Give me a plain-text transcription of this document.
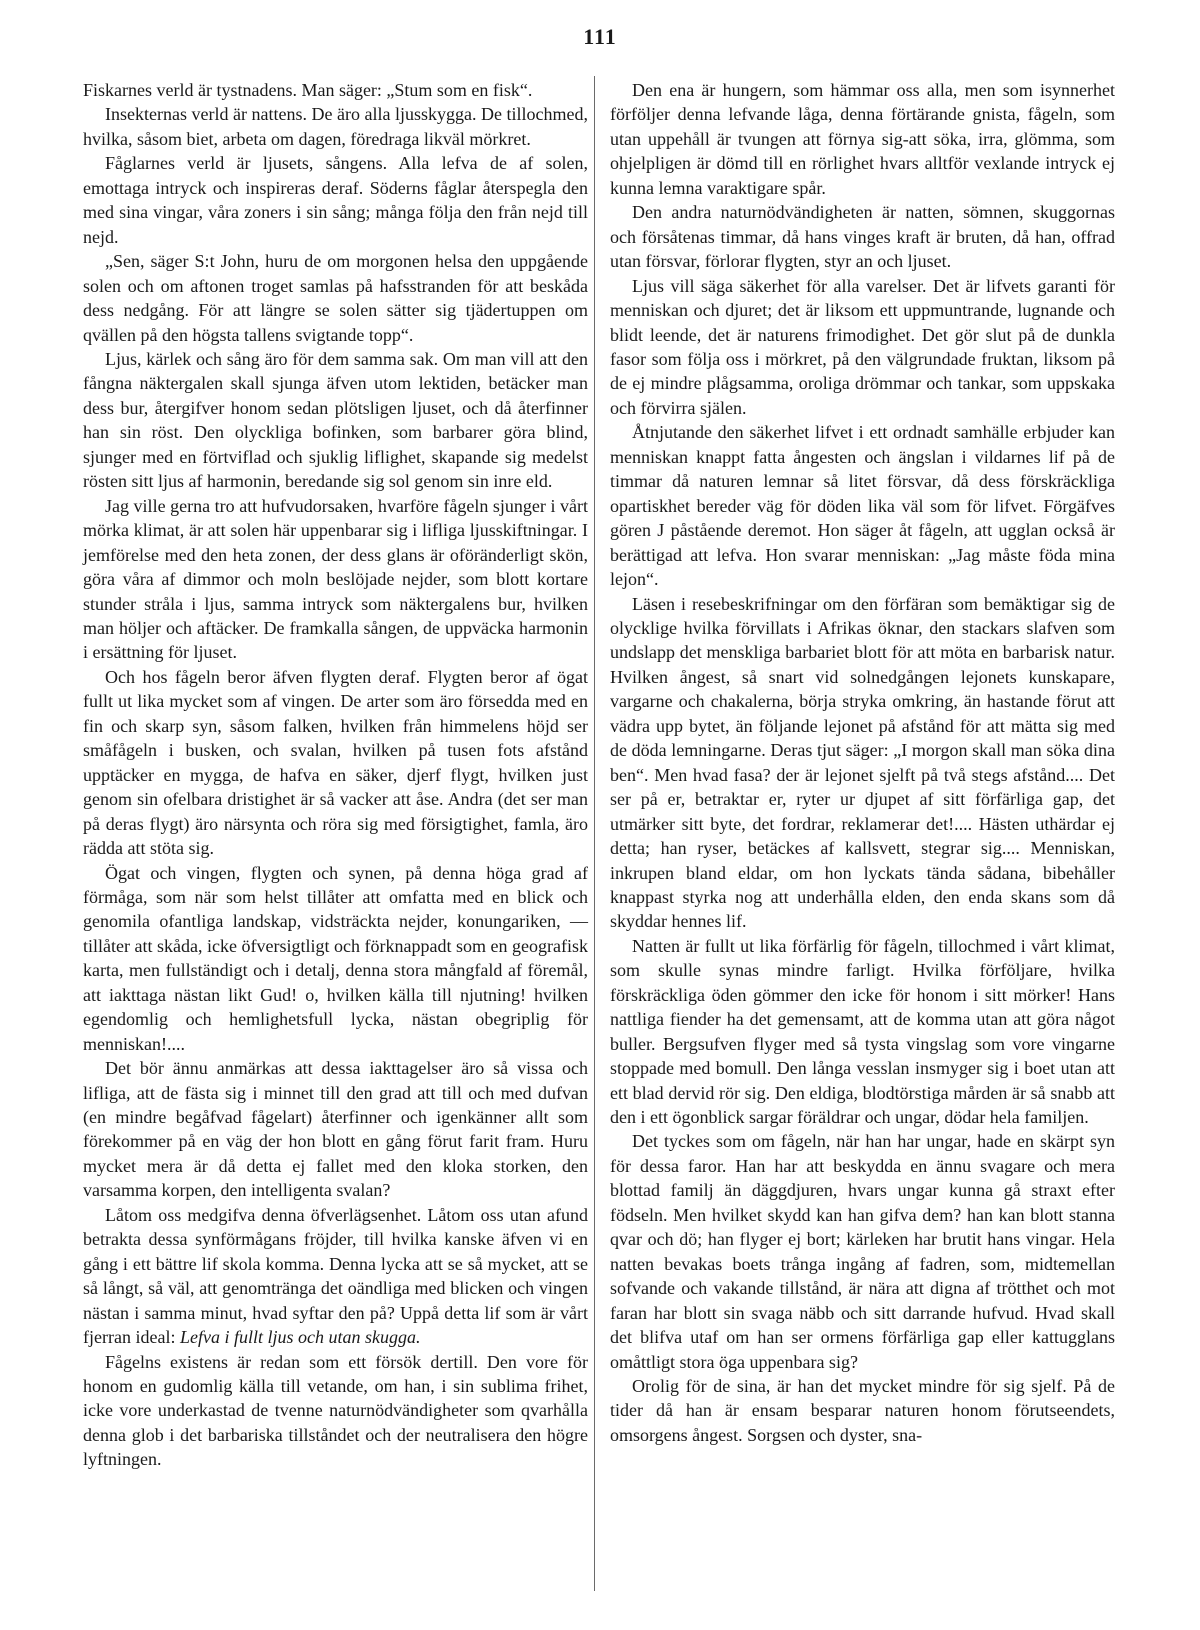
111

Fiskarnes verld är tystnadens. Man säger: „Stum som en fisk“.

Insekternas verld är nattens. De äro alla ljusskygga. De tillochmed, hvilka, såsom biet, arbeta om dagen, föredraga likväl mörkret.

Fåglarnes verld är ljusets, sångens. Alla lefva de af solen, emottaga intryck och inspireras deraf. Söderns fåglar återspegla den med sina vingar, våra zoners i sin sång; många följa den från nejd till nejd.

„Sen, säger S:t John, huru de om morgonen helsa den uppgående solen och om aftonen troget samlas på hafsstranden för att beskåda dess nedgång. För att längre se solen sätter sig tjädertuppen om qvällen på den högsta tallens svigtande topp“.

Ljus, kärlek och sång äro för dem samma sak. Om man vill att den fångna näktergalen skall sjunga äfven utom lektiden, betäcker man dess bur, återgifver honom sedan plötsligen ljuset, och då återfinner han sin röst. Den olyckliga bofinken, som barbarer göra blind, sjunger med en förtviflad och sjuklig liflighet, skapande sig medelst rösten sitt ljus af harmonin, beredande sig sol genom sin inre eld.

Jag ville gerna tro att hufvudorsaken, hvarföre fågeln sjunger i vårt mörka klimat, är att solen här uppenbarar sig i lifliga ljusskiftningar. I jemförelse med den heta zonen, der dess glans är oföränderligt skön, göra våra af dimmor och moln beslöjade nejder, som blott kortare stunder stråla i ljus, samma intryck som näktergalens bur, hvilken man höljer och aftäcker. De framkalla sången, de uppväcka harmonin i ersättning för ljuset.

Och hos fågeln beror äfven flygten deraf. Flygten beror af ögat fullt ut lika mycket som af vingen. De arter som äro försedda med en fin och skarp syn, såsom falken, hvilken från himmelens höjd ser småfågeln i busken, och svalan, hvilken på tusen fots afstånd upptäcker en mygga, de hafva en säker, djerf flygt, hvilken just genom sin ofelbara dristighet är så vacker att åse. Andra (det ser man på deras flygt) äro närsynta och röra sig med försigtighet, famla, äro rädda att stöta sig.

Ögat och vingen, flygten och synen, på denna höga grad af förmåga, som när som helst tillåter att omfatta med en blick och genomila ofantliga landskap, vidsträckta nejder, konungariken, — tillåter att skåda, icke öfversigtligt och förknappadt som en geografisk karta, men fullständigt och i detalj, denna stora mångfald af föremål, att iakttaga nästan likt Gud! o, hvilken källa till njutning! hvilken egendomlig och hemlighetsfull lycka, nästan obegriplig för menniskan!....

Det bör ännu anmärkas att dessa iakttagelser äro så vissa och lifliga, att de fästa sig i minnet till den grad att till och med dufvan (en mindre begåfvad fågelart) återfinner och igenkänner allt som förekommer på en väg der hon blott en gång förut farit fram. Huru mycket mera är då detta ej fallet med den kloka storken, den varsamma korpen, den intelligenta svalan?

Låtom oss medgifva denna öfverlägsenhet. Låtom oss utan afund betrakta dessa synförmågans fröjder, till hvilka kanske äfven vi en gång i ett bättre lif skola komma. Denna lycka att se så mycket, att se så långt, så väl, att genomtränga det oändliga med blicken och vingen nästan i samma minut, hvad syftar den på? Uppå detta lif som är vårt fjerran ideal: Lefva i fullt ljus och utan skugga.

Fågelns existens är redan som ett försök dertill. Den vore för honom en gudomlig källa till vetande, om han, i sin sublima frihet, icke vore underkastad de tvenne naturnödvändigheter som qvarhålla denna glob i det barbariska tillståndet och der neutralisera den högre lyftningen.

Den ena är hungern, som hämmar oss alla, men som isynnerhet förföljer denna lefvande låga, denna förtärande gnista, fågeln, som utan uppehåll är tvungen att förnya sig-att söka, irra, glömma, som ohjelpligen är dömd till en rörlighet hvars alltför vexlande intryck ej kunna lemna varaktigare spår.

Den andra naturnödvändigheten är natten, sömnen, skuggornas och försåtenas timmar, då hans vinges kraft är bruten, då han, offrad utan försvar, förlorar flygten, styr an och ljuset.

Ljus vill säga säkerhet för alla varelser. Det är lifvets garanti för menniskan och djuret; det är liksom ett uppmuntrande, lugnande och blidt leende, det är naturens frimodighet. Det gör slut på de dunkla fasor som följa oss i mörkret, på den välgrundade fruktan, liksom på de ej mindre plågsamma, oroliga drömmar och tankar, som uppskaka och förvirra själen.

Åtnjutande den säkerhet lifvet i ett ordnadt samhälle erbjuder kan menniskan knappt fatta ångesten och ängslan i vildarnes lif på de timmar då naturen lemnar så litet försvar, då dess förskräckliga opartiskhet bereder väg för döden lika väl som för lifvet. Förgäfves gören J påstående deremot. Hon säger åt fågeln, att ugglan också är berättigad att lefva. Hon svarar menniskan: „Jag måste föda mina lejon“.

Läsen i resebeskrifningar om den förfäran som bemäktigar sig de olycklige hvilka förvillats i Afrikas öknar, den stackars slafven som undslapp det menskliga barbariet blott för att möta en barbarisk natur. Hvilken ångest, så snart vid solnedgången lejonets kunskapare, vargarne och chakalerna, börja stryka omkring, än hastande förut att vädra upp bytet, än följande lejonet på afstånd för att mätta sig med de döda lemningarne. Deras tjut säger: „I morgon skall man söka dina ben“. Men hvad fasa? der är lejonet sjelft på två stegs afstånd.... Det ser på er, betraktar er, ryter ur djupet af sitt förfärliga gap, det utmärker sitt byte, det fordrar, reklamerar det!.... Hästen uthärdar ej detta; han ryser, betäckes af kallsvett, stegrar sig.... Menniskan, inkrupen bland eldar, om hon lyckats tända sådana, bibehåller knappast styrka nog att underhålla elden, den enda skans som då skyddar hennes lif.

Natten är fullt ut lika förfärlig för fågeln, tillochmed i vårt klimat, som skulle synas mindre farligt. Hvilka förföljare, hvilka förskräckliga öden gömmer den icke för honom i sitt mörker! Hans nattliga fiender ha det gemensamt, att de komma utan att göra något buller. Bergsufven flyger med så tysta vingslag som vore vingarne stoppade med bomull. Den långa vesslan insmyger sig i boet utan att ett blad dervid rör sig. Den eldiga, blodtörstiga mården är så snabb att den i ett ögonblick sargar föräldrar och ungar, dödar hela familjen.

Det tyckes som om fågeln, när han har ungar, hade en skärpt syn för dessa faror. Han har att beskydda en ännu svagare och mera blottad familj än däggdjuren, hvars ungar kunna gå straxt efter födseln. Men hvilket skydd kan han gifva dem? han kan blott stanna qvar och dö; han flyger ej bort; kärleken har brutit hans vingar. Hela natten bevakas boets trånga ingång af fadren, som, midtemellan sofvande och vakande tillstånd, är nära att digna af trötthet och mot faran har blott sin svaga näbb och sitt darrande hufvud. Hvad skall det blifva utaf om han ser ormens förfärliga gap eller kattugglans omåttligt stora öga uppenbara sig?

Orolig för de sina, är han det mycket mindre för sig sjelf. På de tider då han är ensam besparar naturen honom förutseendets, omsorgens ångest. Sorgsen och dyster, sna-
